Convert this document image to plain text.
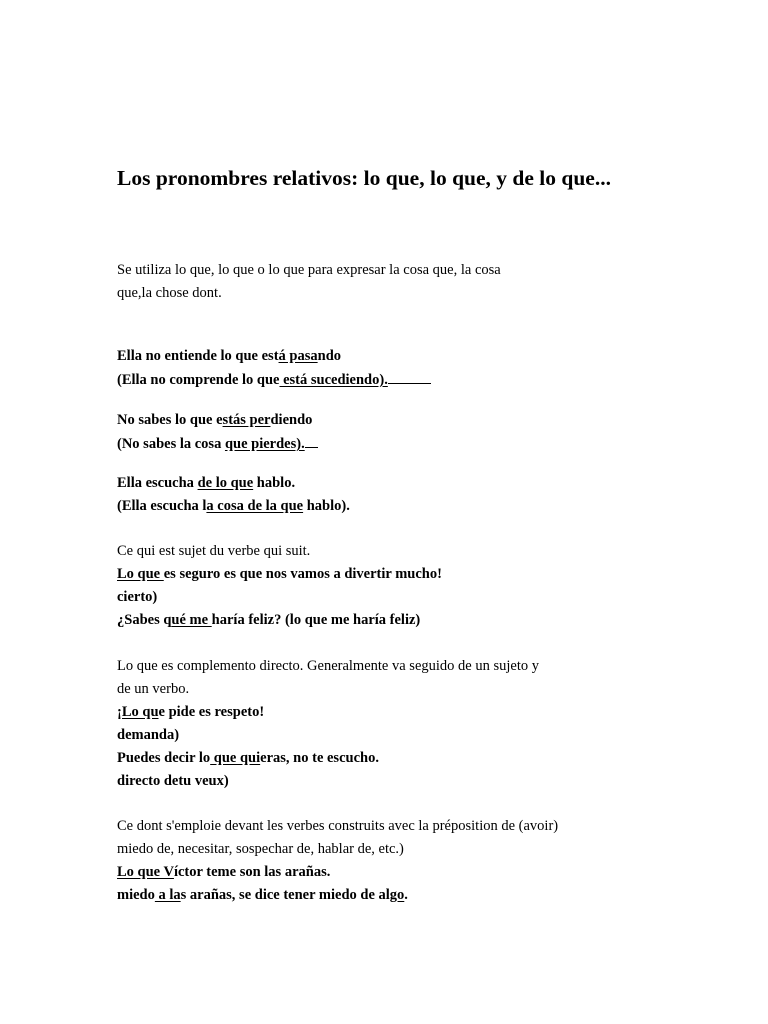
Los pronombres relativos: lo que, lo que, y de lo que...
Se utiliza lo que, lo que o lo que para expresar la cosa que, la cosa
que,la chose dont.
Ella no entiende lo que está pasando
(Ella no comprende lo que está sucediendo).
No sabes lo que estás perdiendo
(No sabes la cosa que pierdes).
Ella escucha de lo que hablo.
(Ella escucha la cosa de la que hablo).
Ce qui est sujet du verbe qui suit.
Lo que es seguro es que nos vamos a divertir mucho!
cierto)
¿Sabes qué me haría feliz? (lo que me haría feliz)
Lo que es complemento directo. Generalmente va seguido de un sujeto y
de un verbo.
¡Lo que pide es respeto!
demanda)
Puedes decir lo que quieras, no te escucho.
directo detu veux)
Ce dont s'emploie devant les verbes construits avec la préposition de (avoir)
miedo de, necesitar, sospechar de, hablar de, etc.)
Lo que Víctor teme son las arañas.
miedo a las arañas, se dice tener miedo de algo.
